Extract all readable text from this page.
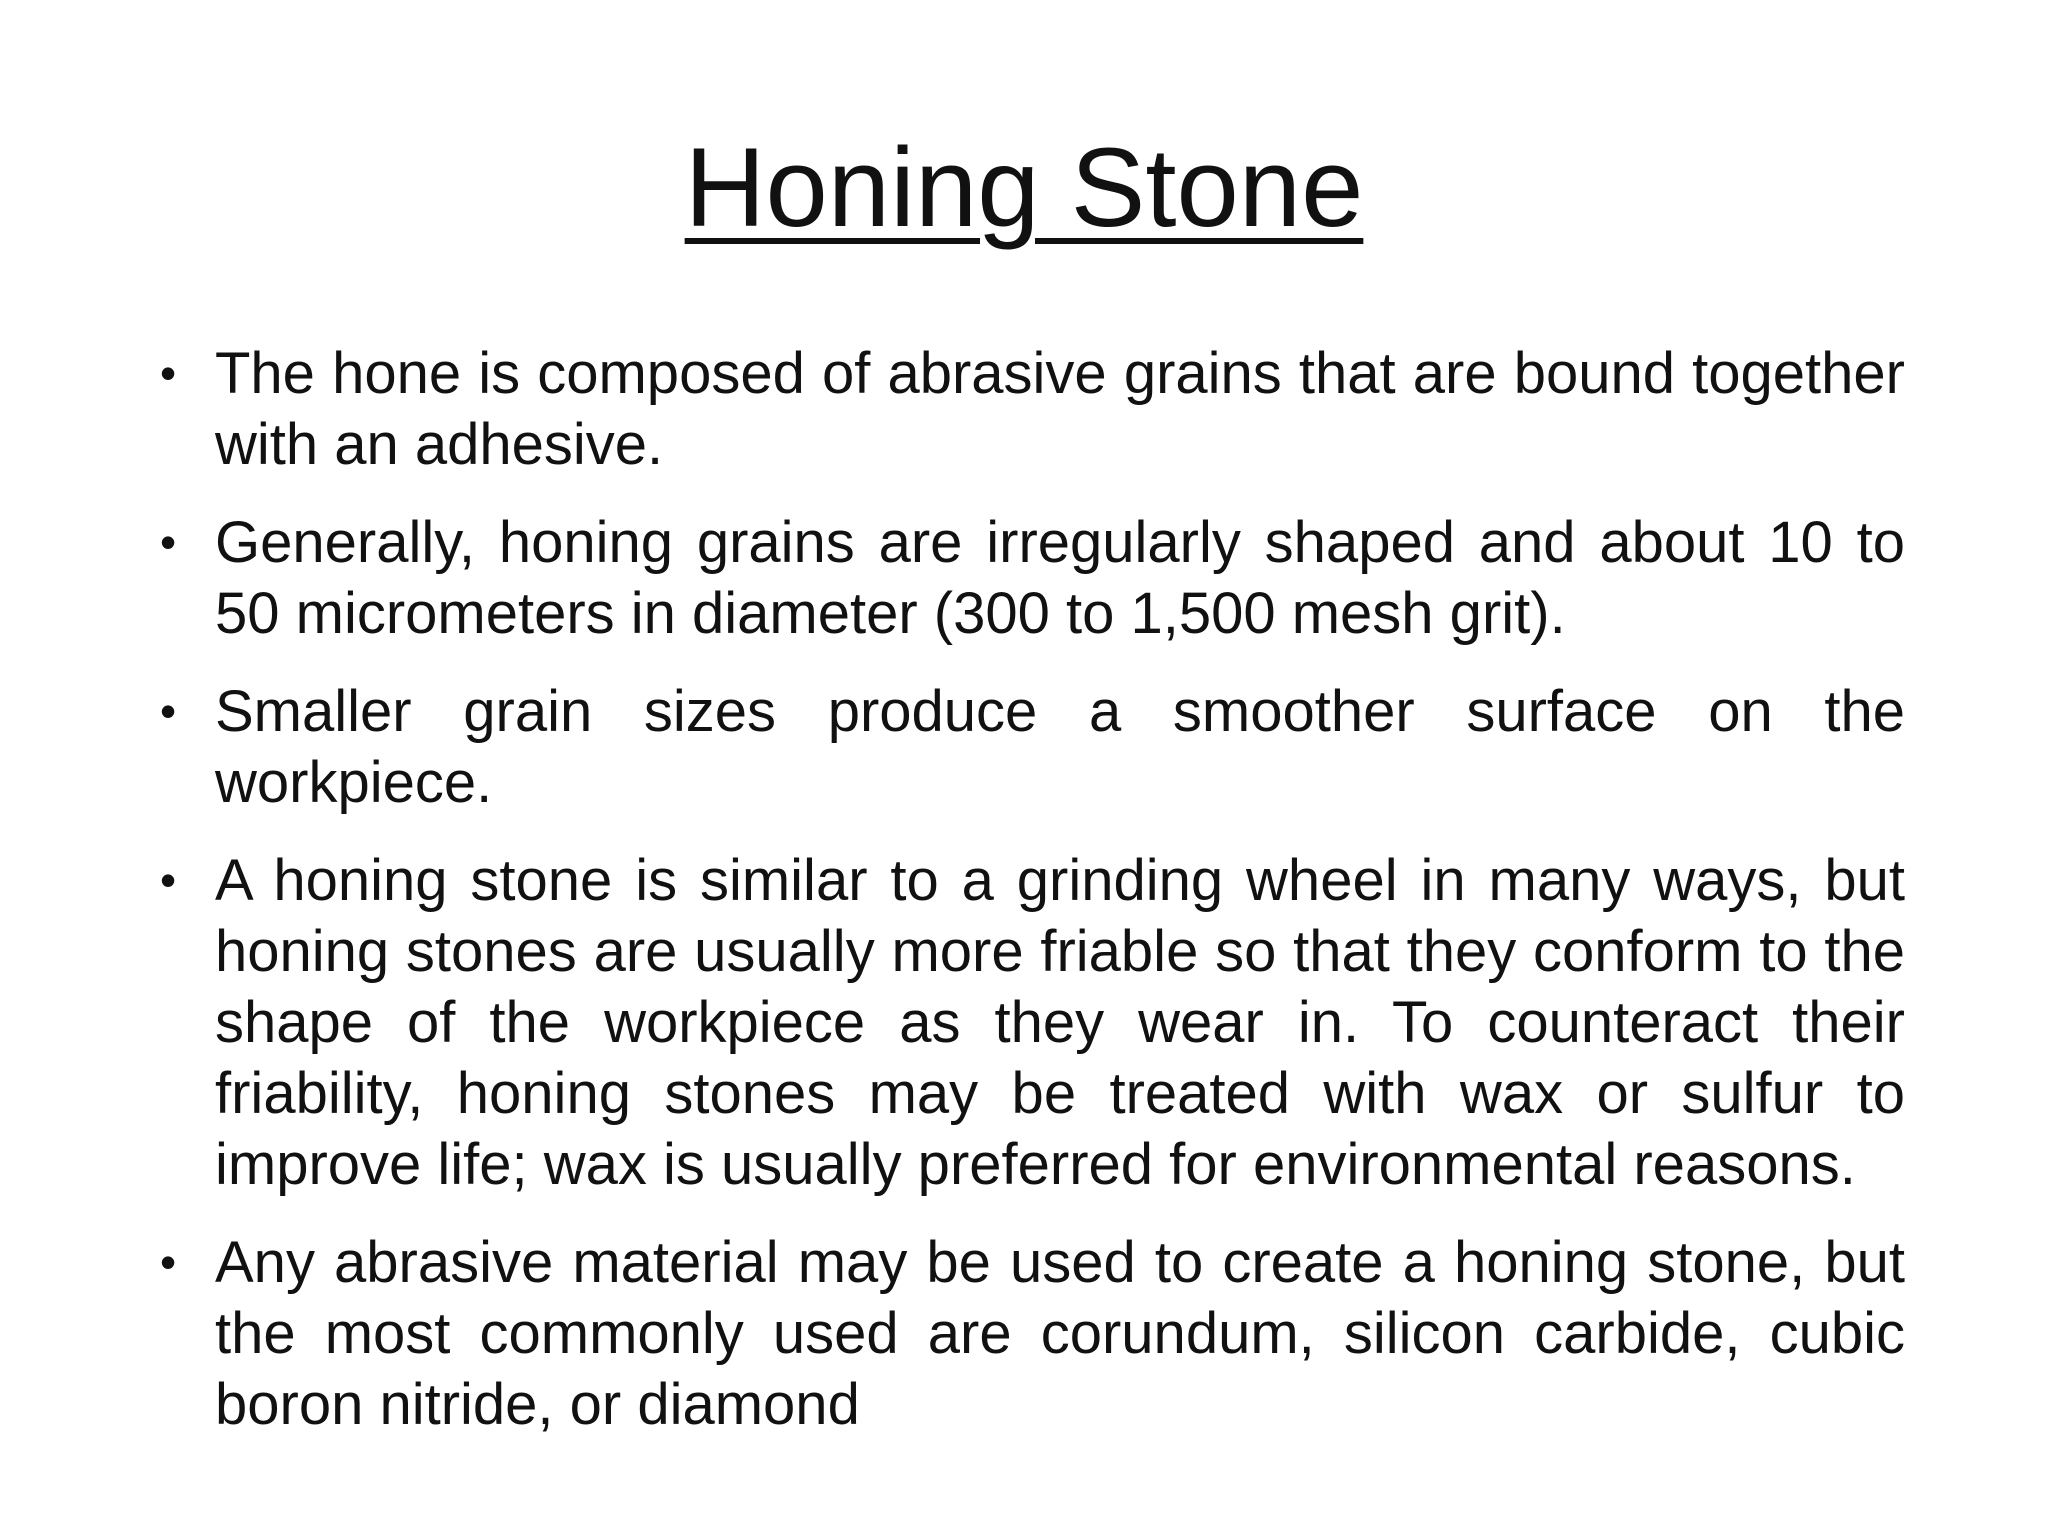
Honing Stone
• The hone is composed of abrasive grains that are bound together with an adhesive.
• Generally, honing grains are irregularly shaped and about 10 to 50 micrometers in diameter (300 to 1,500 mesh grit).
• Smaller grain sizes produce a smoother surface on the workpiece.
• A honing stone is similar to a grinding wheel in many ways, but honing stones are usually more friable so that they conform to the shape of the workpiece as they wear in. To counteract their friability, honing stones may be treated with wax or sulfur to improve life; wax is usually preferred for environmental reasons.
• Any abrasive material may be used to create a honing stone, but the most commonly used are corundum, silicon carbide, cubic boron nitride, or diamond
